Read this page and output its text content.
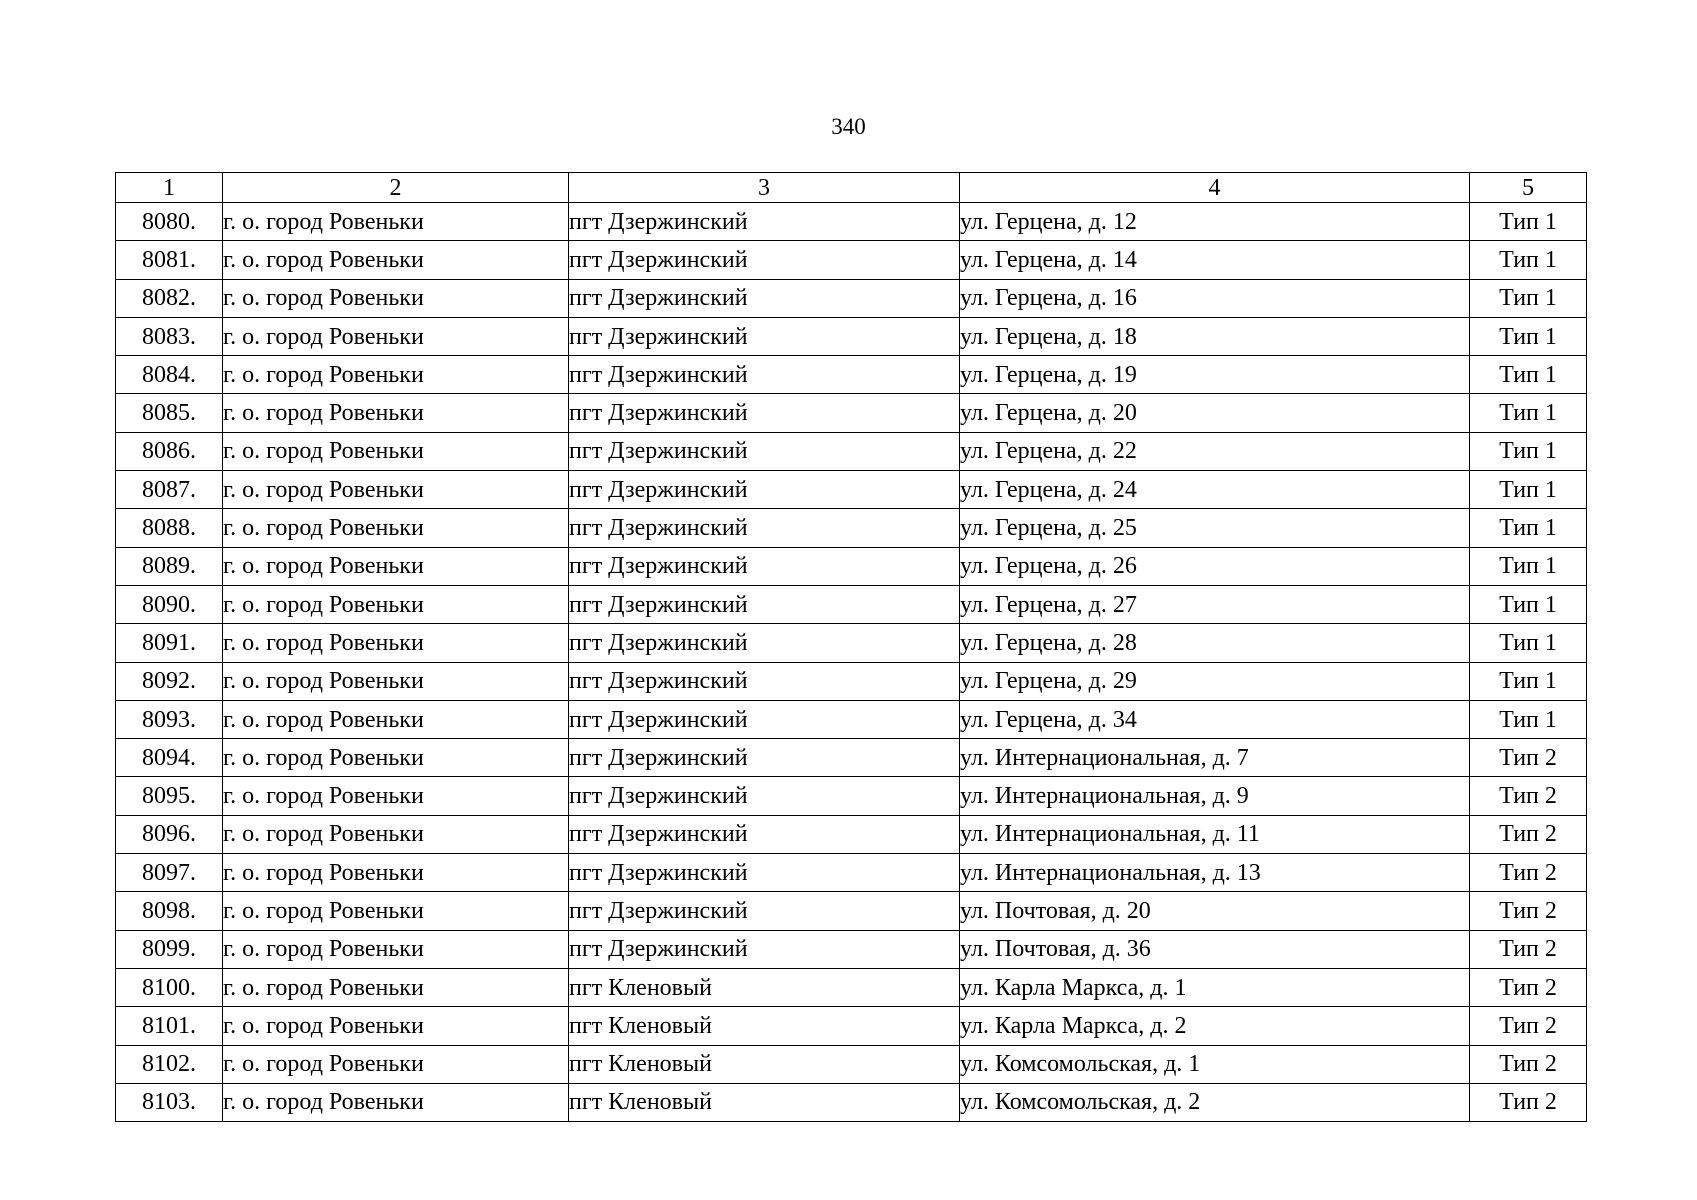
340
1	2	3	4	5
8080.	г. о. город Ровеньки	пгт Дзержинский	ул. Герцена, д. 12	Тип 1
8081.	г. о. город Ровеньки	пгт Дзержинский	ул. Герцена, д. 14	Тип 1
8082.	г. о. город Ровеньки	пгт Дзержинский	ул. Герцена, д. 16	Тип 1
8083.	г. о. город Ровеньки	пгт Дзержинский	ул. Герцена, д. 18	Тип 1
8084.	г. о. город Ровеньки	пгт Дзержинский	ул. Герцена, д. 19	Тип 1
8085.	г. о. город Ровеньки	пгт Дзержинский	ул. Герцена, д. 20	Тип 1
8086.	г. о. город Ровеньки	пгт Дзержинский	ул. Герцена, д. 22	Тип 1
8087.	г. о. город Ровеньки	пгт Дзержинский	ул. Герцена, д. 24	Тип 1
8088.	г. о. город Ровеньки	пгт Дзержинский	ул. Герцена, д. 25	Тип 1
8089.	г. о. город Ровеньки	пгт Дзержинский	ул. Герцена, д. 26	Тип 1
8090.	г. о. город Ровеньки	пгт Дзержинский	ул. Герцена, д. 27	Тип 1
8091.	г. о. город Ровеньки	пгт Дзержинский	ул. Герцена, д. 28	Тип 1
8092.	г. о. город Ровеньки	пгт Дзержинский	ул. Герцена, д. 29	Тип 1
8093.	г. о. город Ровеньки	пгт Дзержинский	ул. Герцена, д. 34	Тип 1
8094.	г. о. город Ровеньки	пгт Дзержинский	ул. Интернациональная, д. 7	Тип 2
8095.	г. о. город Ровеньки	пгт Дзержинский	ул. Интернациональная, д. 9	Тип 2
8096.	г. о. город Ровеньки	пгт Дзержинский	ул. Интернациональная, д. 11	Тип 2
8097.	г. о. город Ровеньки	пгт Дзержинский	ул. Интернациональная, д. 13	Тип 2
8098.	г. о. город Ровеньки	пгт Дзержинский	ул. Почтовая, д. 20	Тип 2
8099.	г. о. город Ровеньки	пгт Дзержинский	ул. Почтовая, д. 36	Тип 2
8100.	г. о. город Ровеньки	пгт Кленовый	ул. Карла Маркса, д. 1	Тип 2
8101.	г. о. город Ровеньки	пгт Кленовый	ул. Карла Маркса, д. 2	Тип 2
8102.	г. о. город Ровеньки	пгт Кленовый	ул. Комсомольская, д. 1	Тип 2
8103.	г. о. город Ровеньки	пгт Кленовый	ул. Комсомольская, д. 2	Тип 2
